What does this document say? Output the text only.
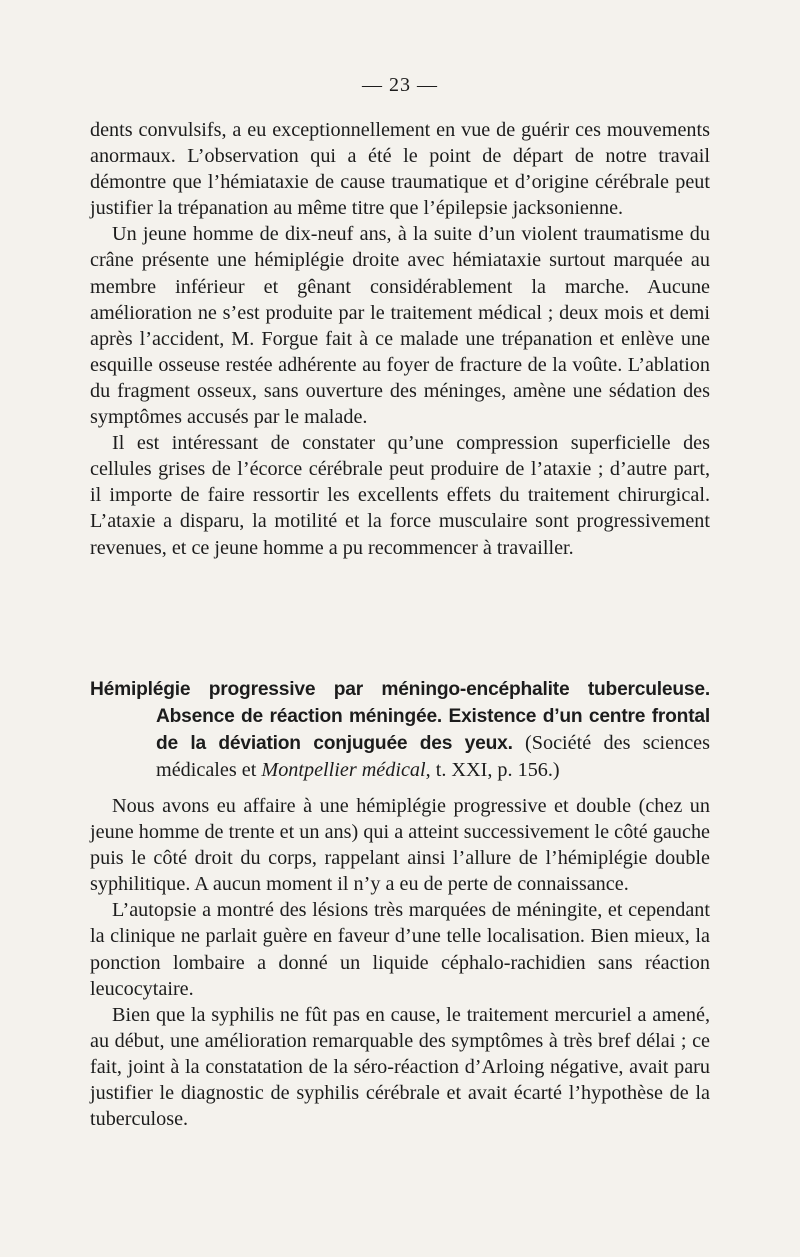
— 23 —

dents convulsifs, a eu exceptionnellement en vue de guérir ces mouvements anormaux. L’observation qui a été le point de départ de notre travail démontre que l’hémiataxie de cause traumatique et d’origine cérébrale peut justifier la trépanation au même titre que l’épilepsie jacksonienne.

Un jeune homme de dix-neuf ans, à la suite d’un violent traumatisme du crâne présente une hémiplégie droite avec hémiataxie surtout marquée au membre inférieur et gênant considérablement la marche. Aucune amélioration ne s’est produite par le traitement médical ; deux mois et demi après l’accident, M. Forgue fait à ce malade une trépanation et enlève une esquille osseuse restée adhérente au foyer de fracture de la voûte. L’ablation du fragment osseux, sans ouverture des méninges, amène une sédation des symptômes accusés par le malade.

Il est intéressant de constater qu’une compression superficielle des cellules grises de l’écorce cérébrale peut produire de l’ataxie ; d’autre part, il importe de faire ressortir les excellents effets du traitement chirurgical. L’ataxie a disparu, la motilité et la force musculaire sont progressivement revenues, et ce jeune homme a pu recommencer à travailler.

Hémiplégie progressive par méningo-encéphalite tuberculeuse. Absence de réaction méningée. Existence d’un centre frontal de la déviation conjuguée des yeux. (Société des sciences médicales et Montpellier médical, t. XXI, p. 156.)

Nous avons eu affaire à une hémiplégie progressive et double (chez un jeune homme de trente et un ans) qui a atteint successivement le côté gauche puis le côté droit du corps, rappelant ainsi l’allure de l’hémiplégie double syphilitique. A aucun moment il n’y a eu de perte de connaissance.

L’autopsie a montré des lésions très marquées de méningite, et cependant la clinique ne parlait guère en faveur d’une telle localisation. Bien mieux, la ponction lombaire a donné un liquide céphalo-rachidien sans réaction leucocytaire.

Bien que la syphilis ne fût pas en cause, le traitement mercuriel a amené, au début, une amélioration remarquable des symptômes à très bref délai ; ce fait, joint à la constatation de la séro-réaction d’Arloing négative, avait paru justifier le diagnostic de syphilis cérébrale et avait écarté l’hypothèse de la tuberculose.
